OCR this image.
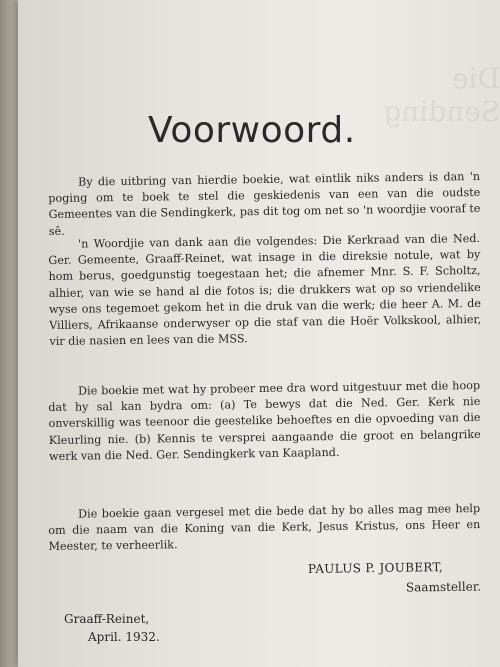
Die Sending
Voorwoord.

By die uitbring van hierdie boekie, wat eintlik niks anders is dan 'n poging om te boek te stel die geskiedenis van een van die oudste Gemeentes van die Sendingkerk, pas dit tog om net so 'n woordjie vooraf te sê.

'n Woordjie van dank aan die volgendes: Die Kerkraad van die Ned. Ger. Gemeente, Graaff-Reinet, wat insage in die direksie notule, wat by hom berus, goedgunstig toegestaan het; die afnemer Mnr. S. F. Scholtz, alhier, van wie se hand al die fotos is; die drukkers wat op so vriendelike wyse ons tegemoet gekom het in die druk van die werk; die heer A. M. de Villiers, Afrikaanse onderwyser op die staf van die Hoër Volkskool, alhier, vir die nasien en lees van die MSS.

Die boekie met wat hy probeer mee dra word uitgestuur met die hoop dat hy sal kan bydra om: (a) Te bewys dat die Ned. Ger. Kerk nie onverskillig was teenoor die geestelike behoeftes en die opvoeding van die Kleurling nie. (b) Kennis te versprei aangaande die groot en belangrike werk van die Ned. Ger. Sendingkerk van Kaapland.

Die boekie gaan vergesel met die bede dat hy bo alles mag mee help om die naam van die Koning van die Kerk, Jesus Kristus, ons Heer en Meester, te verheerlik.

PAULUS P. JOUBERT,
Saamsteller.
Graaff-Reinet,
April. 1932.
